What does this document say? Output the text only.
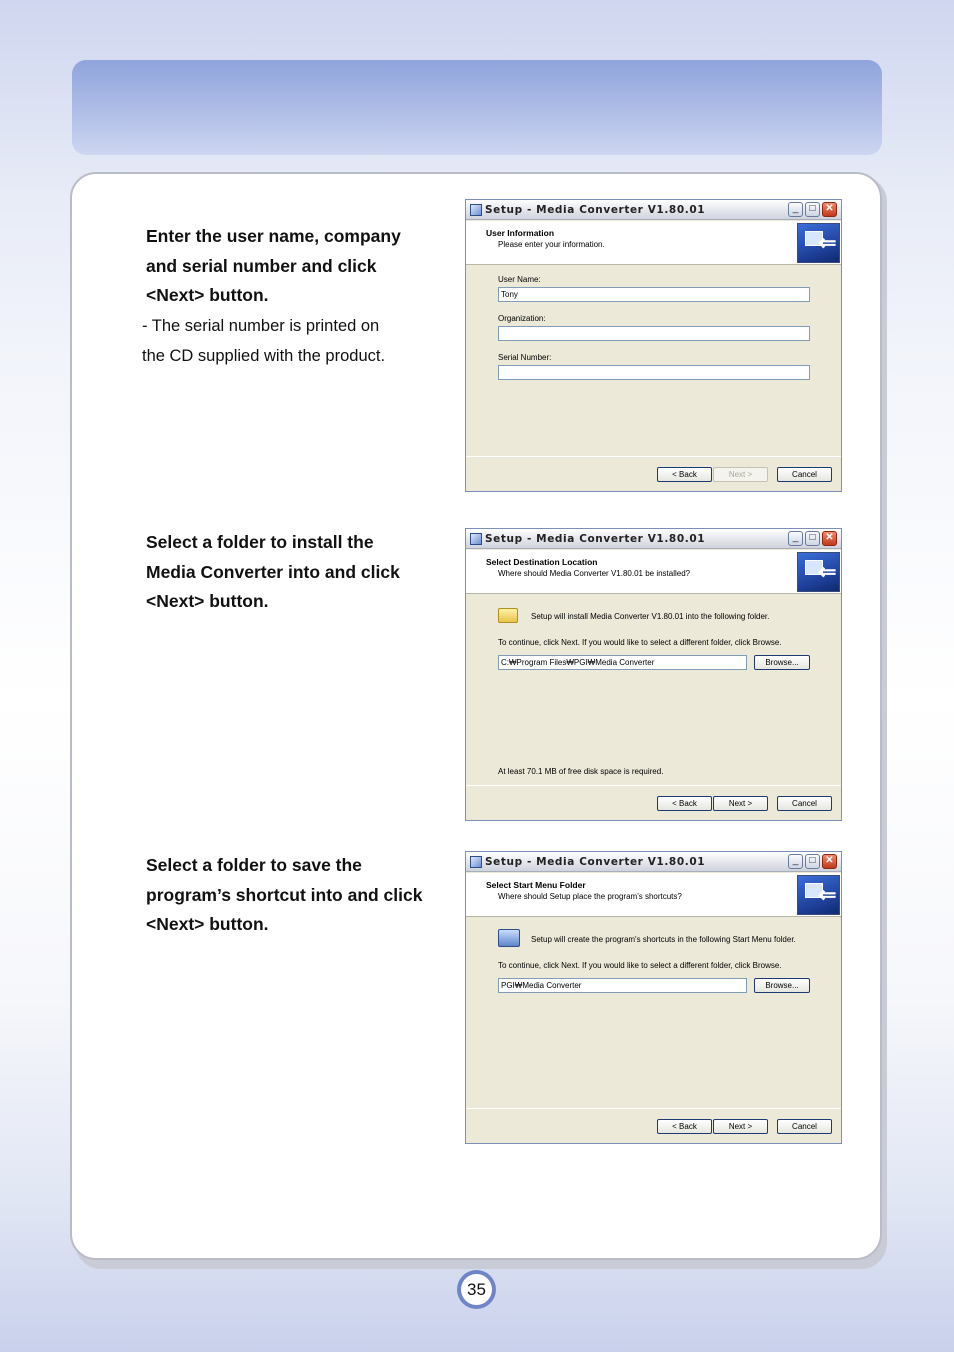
Enter the user name, company
and serial number and click
<Next> button.
- The serial number is printed on
the CD supplied with the product.
Setup - Media Converter V1.80.01	_	□ ✕
User Information
Please enter your information.	⇐
User Name:
Tony
Organization:
Serial Number:
< Back	Next >	Cancel
Select a folder to install the
Media Converter into and click
<Next> button.
Setup - Media Converter V1.80.01	_	□ ✕
Select Destination Location
Where should Media Converter V1.80.01 be installed?	⇐
Setup will install Media Converter V1.80.01 into the following folder.
To continue, click Next. If you would like to select a different folder, click Browse.
C:₩Program Files₩PGI₩Media Converter	Browse...
At least 70.1 MB of free disk space is required.
< Back	Next >	Cancel
Select a folder to save the
program’s shortcut into and click
<Next> button.
Setup - Media Converter V1.80.01	_	□ ✕
Select Start Menu Folder
Where should Setup place the program's shortcuts?	⇐
Setup will create the program's shortcuts in the following Start Menu folder.
To continue, click Next. If you would like to select a different folder, click Browse.
PGI₩Media Converter	Browse...
< Back	Next >	Cancel
35
